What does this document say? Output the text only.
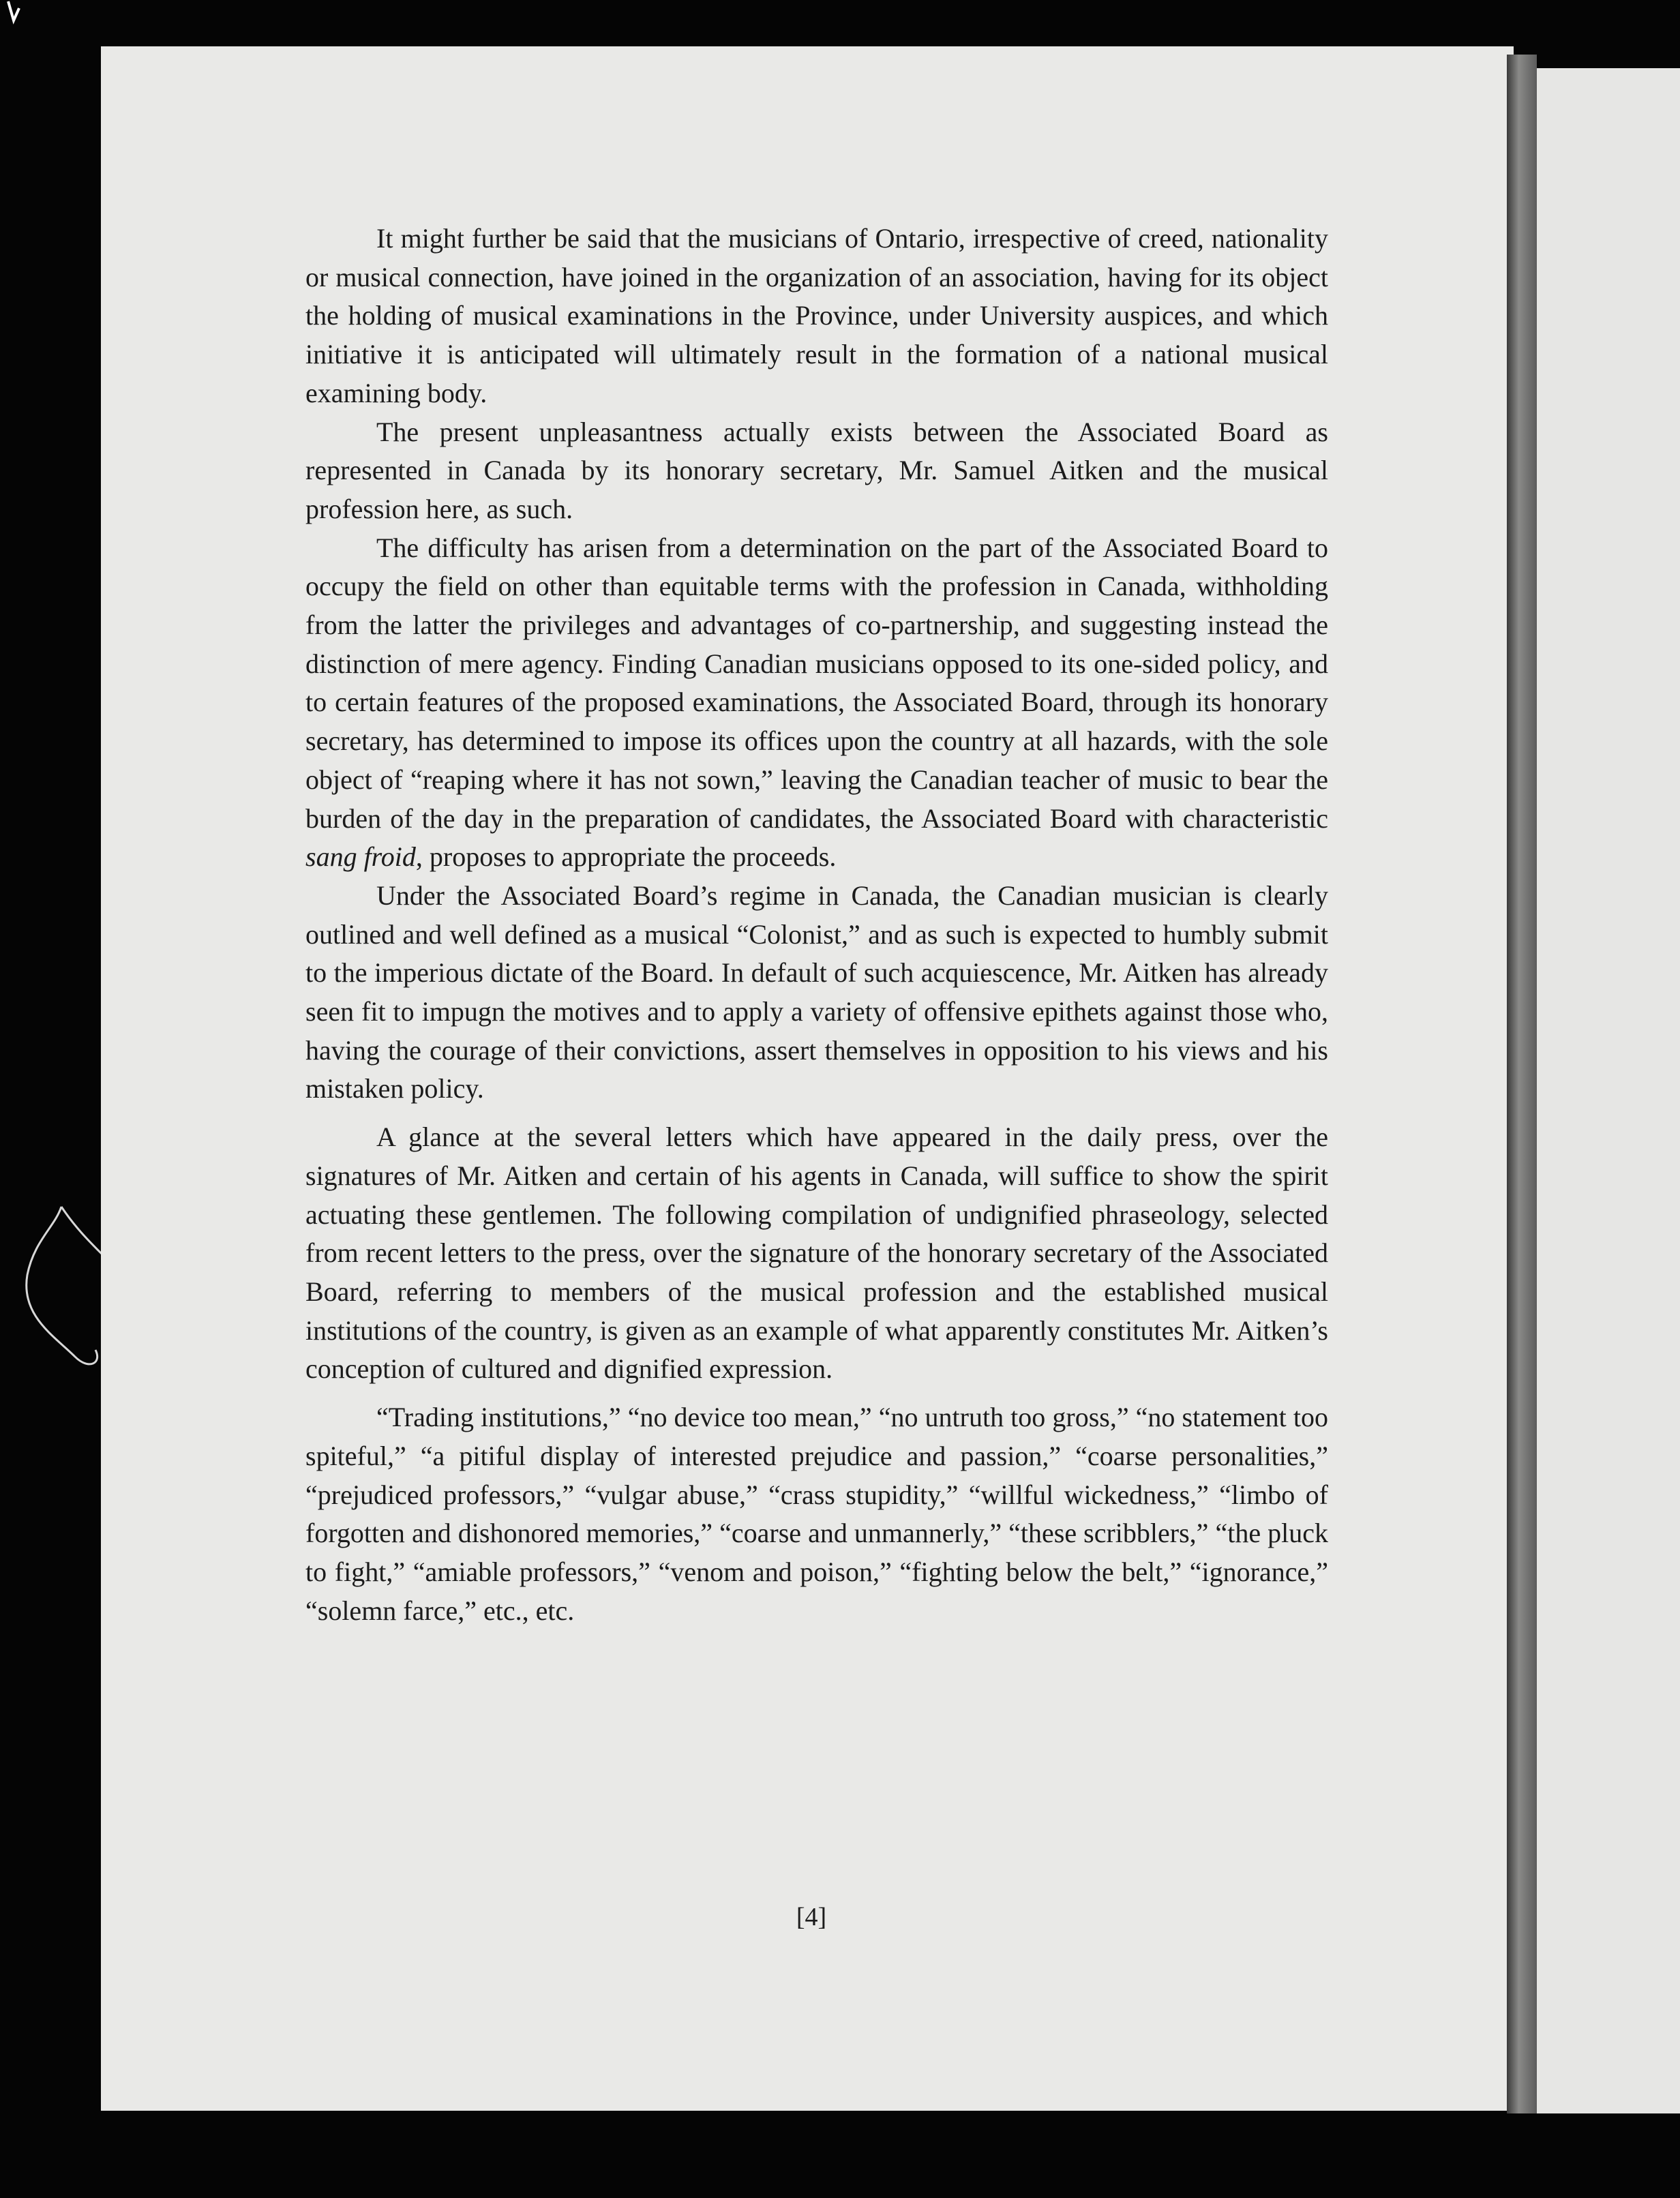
It might further be said that the musicians of Ontario, irrespective of creed, nationality or musical connection, have joined in the organization of an association, having for its object the holding of musical examinations in the Province, under University auspices, and which initiative it is anticipated will ultimately result in the formation of a national musical examining body.

The present unpleasantness actually exists between the Associated Board as represented in Canada by its honorary secretary, Mr. Samuel Aitken and the musical profession here, as such.

The difficulty has arisen from a determination on the part of the Associated Board to occupy the field on other than equitable terms with the profession in Canada, withholding from the latter the privileges and advantages of co-partnership, and suggesting instead the distinction of mere agency. Finding Canadian musicians opposed to its one-sided policy, and to certain features of the proposed examinations, the Associated Board, through its honorary secretary, has determined to impose its offices upon the country at all hazards, with the sole object of “reaping where it has not sown,” leaving the Canadian teacher of music to bear the burden of the day in the preparation of candidates, the Associated Board with characteristic sang froid, proposes to appropriate the proceeds.

Under the Associated Board’s regime in Canada, the Canadian musician is clearly outlined and well defined as a musical “Colonist,” and as such is expected to humbly submit to the imperious dictate of the Board. In default of such acquiescence, Mr. Aitken has already seen fit to impugn the motives and to apply a variety of offensive epithets against those who, having the courage of their convictions, assert themselves in opposition to his views and his mistaken policy.

A glance at the several letters which have appeared in the daily press, over the signatures of Mr. Aitken and certain of his agents in Canada, will suffice to show the spirit actuating these gentlemen. The following compilation of undignified phraseology, selected from recent letters to the press, over the signature of the honorary secretary of the Associated Board, referring to members of the musical profession and the established musical institutions of the country, is given as an example of what apparently constitutes Mr. Aitken’s conception of cultured and dignified expression.

“Trading institutions,” “no device too mean,” “no untruth too gross,” “no statement too spiteful,” “a pitiful display of interested prejudice and passion,” “coarse personalities,” “prejudiced professors,” “vulgar abuse,” “crass stupidity,” “willful wickedness,” “limbo of forgotten and dishonored memories,” “coarse and unmannerly,” “these scribblers,” “the pluck to fight,” “amiable professors,” “venom and poison,” “fighting below the belt,” “ignorance,” “solemn farce,” etc., etc.

[4]
